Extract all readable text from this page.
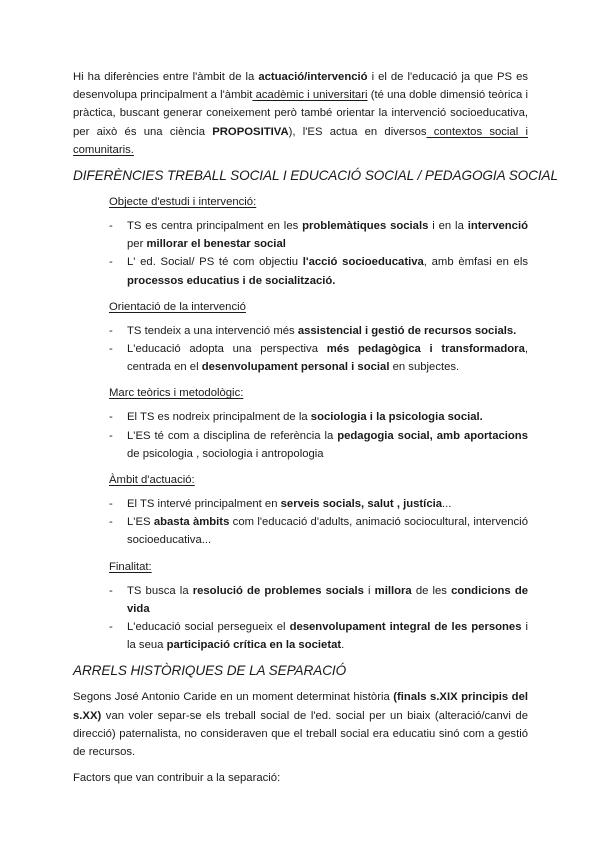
Hi ha diferències entre l'àmbit de la actuació/intervenció i el de l'educació ja que PS es desenvolupa principalment a l'àmbit acadèmic i universitari (té una doble dimensió teòrica i pràctica, buscant generar coneixement però també orientar la intervenció socioeducativa, per això és una ciència PROPOSITIVA), l'ES actua en diversos contextos social i comunitaris.

DIFERÈNCIES TREBALL SOCIAL I EDUCACIÓ SOCIAL / PEDAGOGIA SOCIAL
Objecte d'estudi i intervenció:
- TS es centra principalment en les problemàtiques socials i en la intervenció per millorar el benestar social
- L' ed. Social/ PS té com objectiu l'acció socioeducativa, amb èmfasi en els processos educatius i de socialització.
Orientació de la intervenció
- TS tendeix a una intervenció més assistencial i gestió de recursos socials.
- L'educació adopta una perspectiva més pedagògica i transformadora, centrada en el desenvolupament personal i social en subjectes.
Marc teòrics i metodològic:
- El TS es nodreix principalment de la sociologia i la psicologia social.
- L'ES té com a disciplina de referència la pedagogia social, amb aportacions de psicologia , sociologia i antropologia
Àmbit d'actuació:
- El TS intervé principalment en serveis socials, salut , justícia...
- L'ES abasta àmbits com l'educació d'adults, animació sociocultural, intervenció socioeducativa...
Finalitat:
- TS busca la resolució de problemes socials i millora de les condicions de vida
- L'educació social persegueix el desenvolupament integral de les persones i la seua participació crítica en la societat.
ARRELS HISTÒRIQUES DE LA SEPARACIÓ

Segons José Antonio Caride en un moment determinat història (finals s.XIX principis del s.XX) van voler separ-se els treball social de l'ed. social per un biaix (alteració/canvi de direcció) paternalista, no consideraven que el treball social era educatiu sinó com a gestió de recursos.

Factors que van contribuir a la separació:
